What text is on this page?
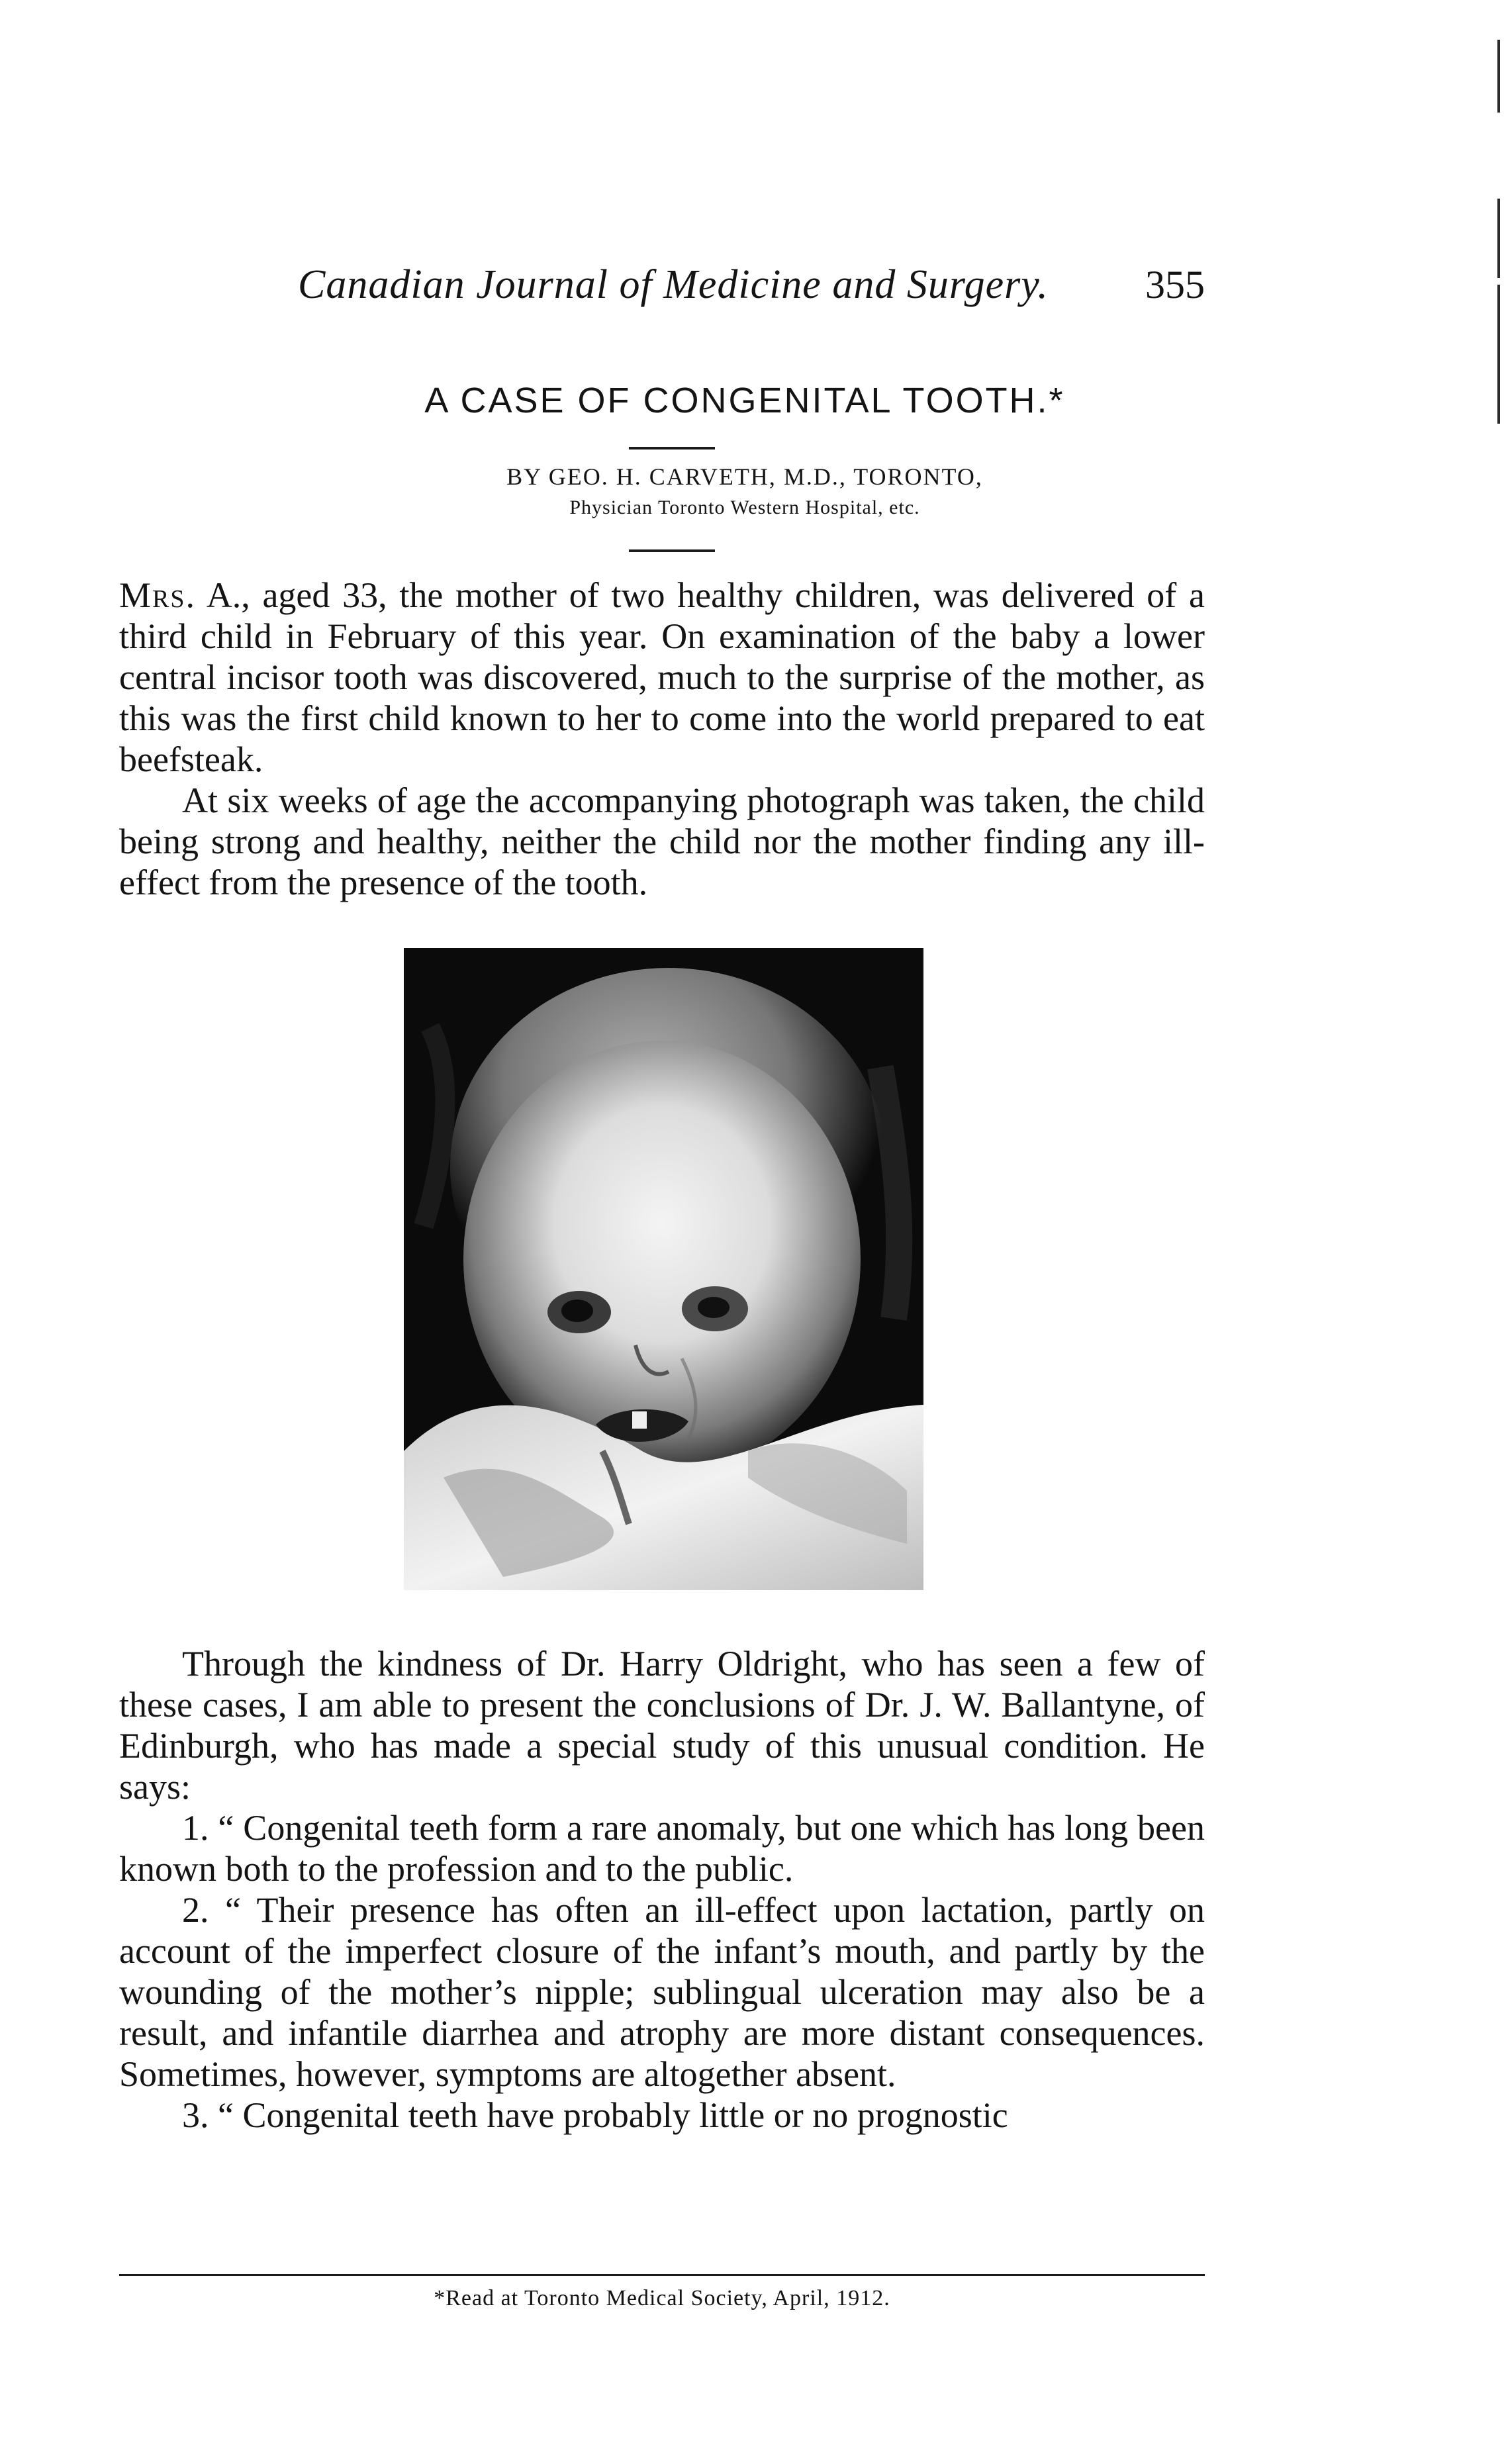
Canadian Journal of Medicine and Surgery. 355
A CASE OF CONGENITAL TOOTH.*
BY GEO. H. CARVETH, M.D., TORONTO,
Physician Toronto Western Hospital, etc.

Mrs. A., aged 33, the mother of two healthy children, was delivered of a third child in February of this year. On examination of the baby a lower central incisor tooth was discovered, much to the surprise of the mother, as this was the first child known to her to come into the world prepared to eat beefsteak.

At six weeks of age the accompanying photograph was taken, the child being strong and healthy, neither the child nor the mother finding any ill-effect from the presence of the tooth.

Through the kindness of Dr. Harry Oldright, who has seen a few of these cases, I am able to present the conclusions of Dr. J. W. Ballantyne, of Edinburgh, who has made a special study of this unusual condition. He says:

1. “ Congenital teeth form a rare anomaly, but one which has long been known both to the profession and to the public.

2. “ Their presence has often an ill-effect upon lactation, partly on account of the imperfect closure of the infant’s mouth, and partly by the wounding of the mother’s nipple; sublingual ulceration may also be a result, and infantile diarrhea and atrophy are more distant consequences. Sometimes, however, symptoms are altogether absent.

3. “ Congenital teeth have probably little or no prognostic

*Read at Toronto Medical Society, April, 1912.
